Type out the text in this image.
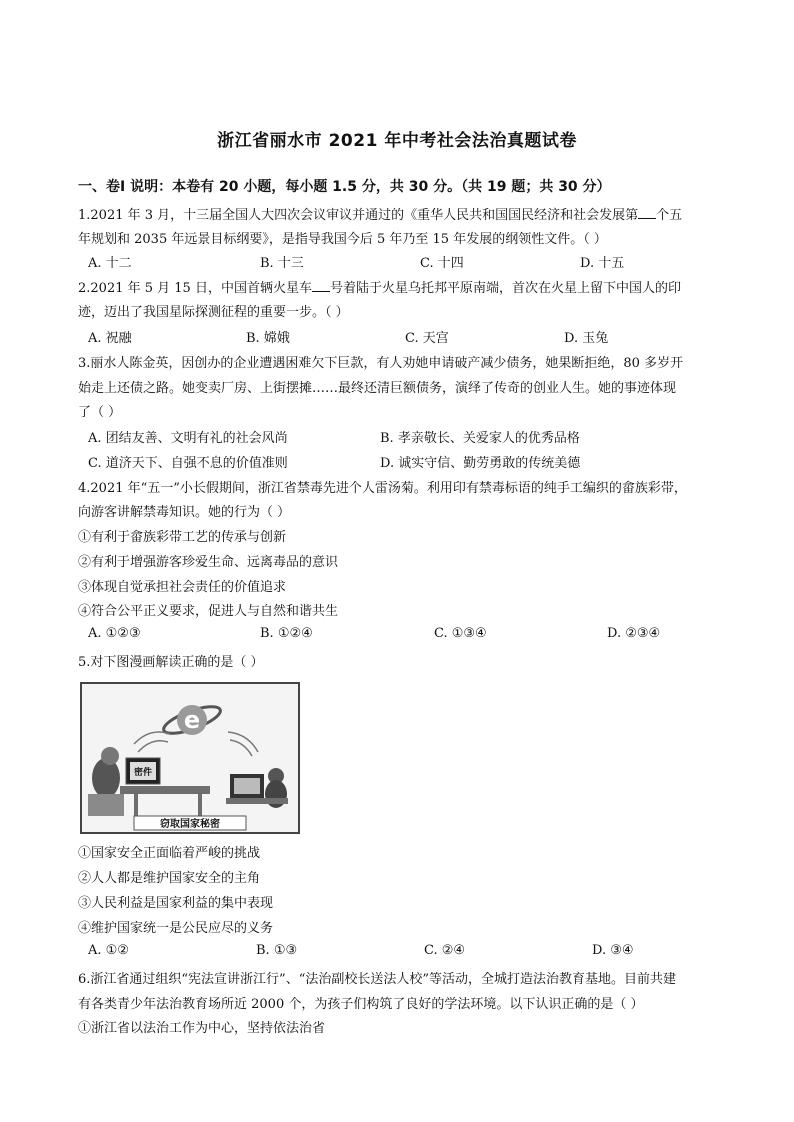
浙江省丽水市 2021 年中考社会法治真题试卷
一、卷Ⅰ 说明：本卷有 20 小题，每小题 1.5 分，共 30 分。（共 19 题；共 30 分）
1.2021 年 3 月，十三届全国人大四次会议审议并通过的《重华人民共和国国民经济和社会发展第 个五
年规划和 2035 年远景目标纲要》，是指导我国今后 5 年乃至 15 年发展的纲领性文件。（ ）
A. 十二	B. 十三	C. 十四	D. 十五
2.2021 年 5 月 15 日，中国首辆火星车 号着陆于火星乌托邦平原南端，首次在火星上留下中国人的印
迹，迈出了我国星际探测征程的重要一步。（ ）
A. 祝融	B. 嫦娥	C. 天宫	D. 玉兔
3.丽水人陈金英，因创办的企业遭遇困难欠下巨款，有人劝她申请破产减少债务，她果断拒绝，80 多岁开
始走上还债之路。她变卖厂房、上街摆摊……最终还清巨额债务，演绎了传奇的创业人生。她的事迹体现
了（ ）
A. 团结友善、文明有礼的社会风尚	B. 孝亲敬长、关爱家人的优秀品格
C. 道济天下、自强不息的价值准则	D. 诚实守信、勤劳勇敢的传统美德
4.2021 年“五一”小长假期间，浙江省禁毒先进个人雷汤菊。利用印有禁毒标语的纯手工编织的畲族彩带，
向游客讲解禁毒知识。她的行为（ ）
①有利于畲族彩带工艺的传承与创新
②有利于增强游客珍爱生命、远离毒品的意识
③体现自觉承担社会责任的价值追求
④符合公平正义要求，促进人与自然和谐共生
A. ①②③	B. ①②④	C. ①③④	D. ②③④
5.对下图漫画解读正确的是（ ）
e
密件
窃取国家秘密
①国家安全正面临着严峻的挑战
②人人都是维护国家安全的主角
③人民利益是国家利益的集中表现
④维护国家统一是公民应尽的义务
A. ①②	B. ①③	C. ②④	D. ③④
6.浙江省通过组织“宪法宣讲浙江行”、“法治副校长送法人校”等活动，全城打造法治教育基地。目前共建
有各类青少年法治教育场所近 2000 个，为孩子们构筑了良好的学法环境。以下认识正确的是（ ）
①浙江省以法治工作为中心，坚持依法治省
